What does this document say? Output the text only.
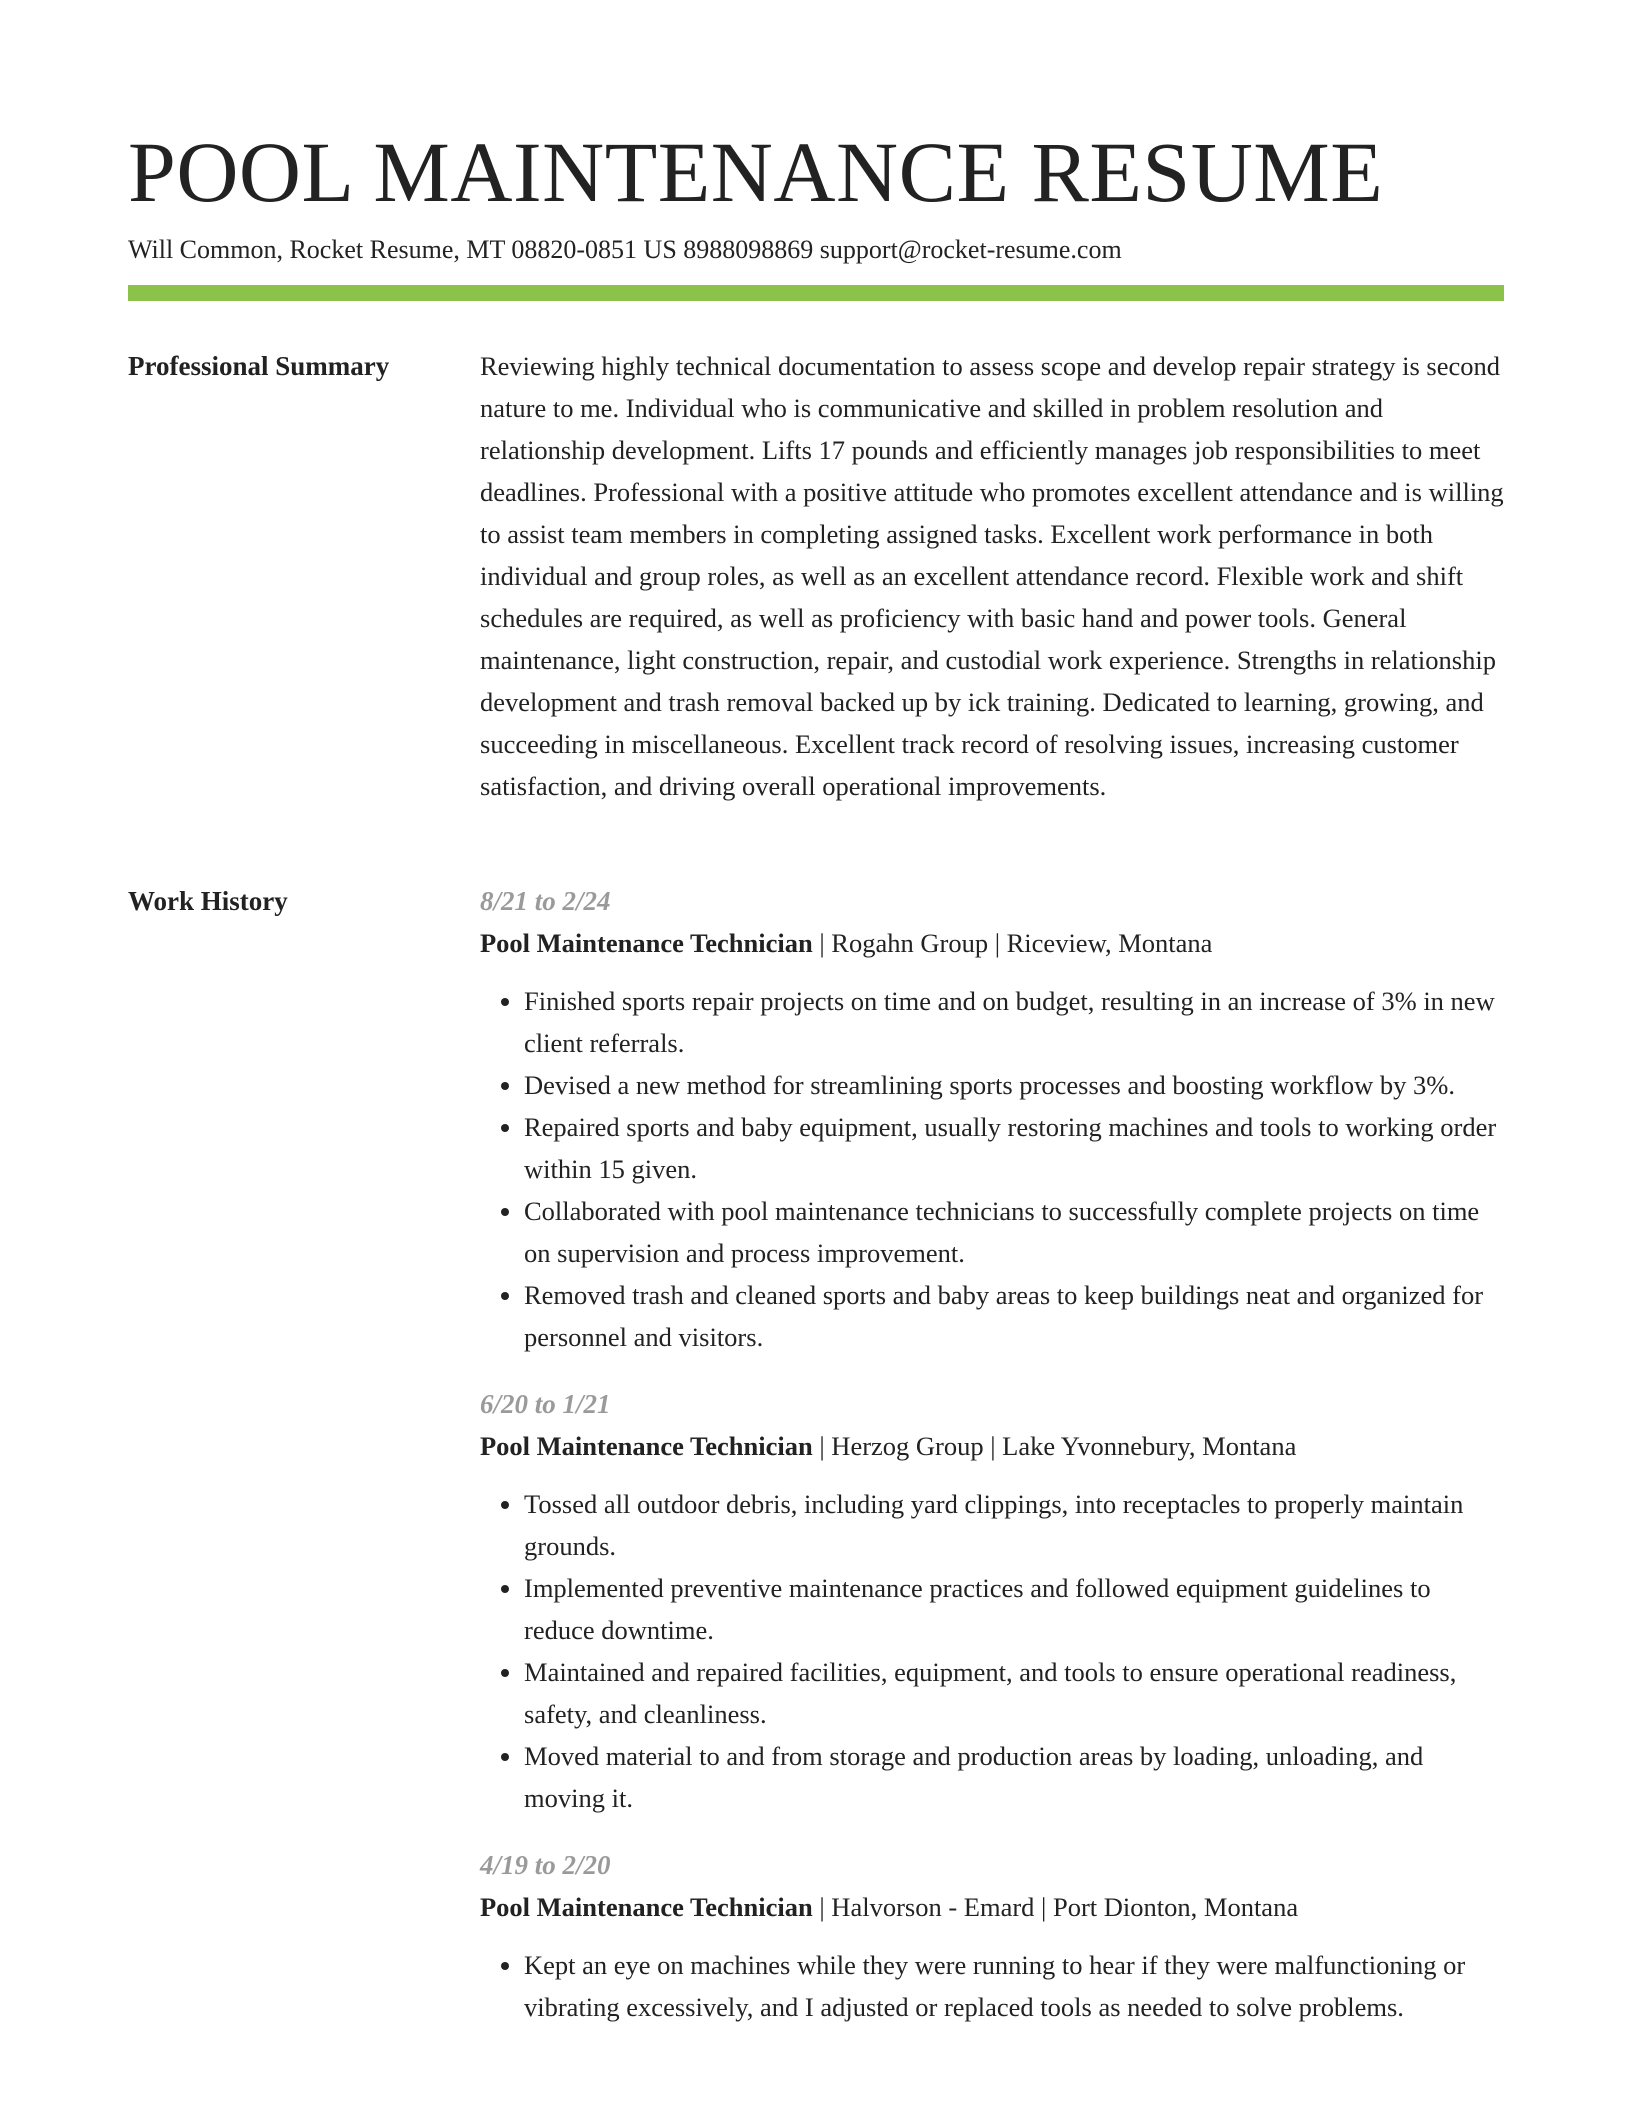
POOL MAINTENANCE RESUME
Will Common, Rocket Resume, MT 08820-0851 US 8988098869 support@rocket-resume.com
Professional Summary	Reviewing highly technical documentation to assess scope and develop repair strategy is second nature to me. Individual who is communicative and skilled in problem resolution and relationship development. Lifts 17 pounds and efficiently manages job responsibilities to meet deadlines. Professional with a positive attitude who promotes excellent attendance and is willing to assist team members in completing assigned tasks. Excellent work performance in both individual and group roles, as well as an excellent attendance record. Flexible work and shift schedules are required, as well as proficiency with basic hand and power tools. General maintenance, light construction, repair, and custodial work experience. Strengths in relationship development and trash removal backed up by ick training. Dedicated to learning, growing, and succeeding in miscellaneous. Excellent track record of resolving issues, increasing customer satisfaction, and driving overall operational improvements.

Work History	8/21 to 2/24
Pool Maintenance Technician | Rogahn Group | Riceview, Montana
• Finished sports repair projects on time and on budget, resulting in an increase of 3% in new client referrals.
• Devised a new method for streamlining sports processes and boosting workflow by 3%.
• Repaired sports and baby equipment, usually restoring machines and tools to working order within 15 given.
• Collaborated with pool maintenance technicians to successfully complete projects on time on supervision and process improvement.
• Removed trash and cleaned sports and baby areas to keep buildings neat and organized for personnel and visitors.
6/20 to 1/21
Pool Maintenance Technician | Herzog Group | Lake Yvonnebury, Montana
• Tossed all outdoor debris, including yard clippings, into receptacles to properly maintain grounds.
• Implemented preventive maintenance practices and followed equipment guidelines to reduce downtime.
• Maintained and repaired facilities, equipment, and tools to ensure operational readiness, safety, and cleanliness.
• Moved material to and from storage and production areas by loading, unloading, and moving it.
4/19 to 2/20
Pool Maintenance Technician | Halvorson - Emard | Port Dionton, Montana
• Kept an eye on machines while they were running to hear if they were malfunctioning or vibrating excessively, and I adjusted or replaced tools as needed to solve problems.
